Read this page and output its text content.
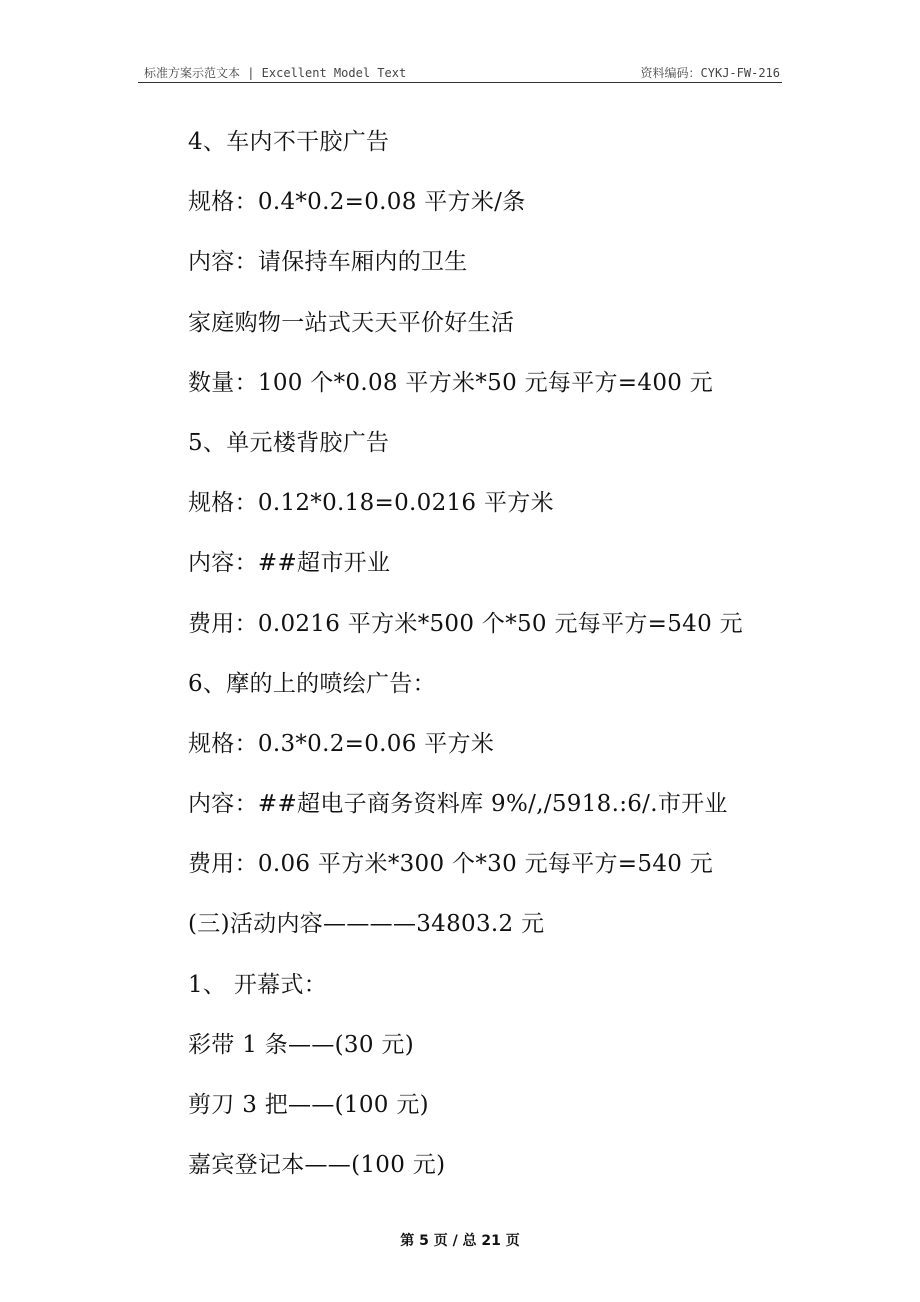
标准方案示范文本 | Excellent Model Text	资料编码：CYKJ-FW-216
4、车内不干胶广告
规格：0.4*0.2=0.08 平方米/条
内容：请保持车厢内的卫生
家庭购物一站式天天平价好生活
数量：100 个*0.08 平方米*50 元每平方=400 元
5、单元楼背胶广告
规格：0.12*0.18=0.0216 平方米
内容：##超市开业
费用：0.0216 平方米*500 个*50 元每平方=540 元
6、摩的上的喷绘广告：
规格：0.3*0.2=0.06 平方米
内容：##超电子商务资料库 9%/,/5918.:6/.市开业
费用：0.06 平方米*300 个*30 元每平方=540 元
(三)活动内容————34803.2 元
1、 开幕式：
彩带 1 条——(30 元)
剪刀 3 把——(100 元)
嘉宾登记本——(100 元)
第 5 页 / 总 21 页
